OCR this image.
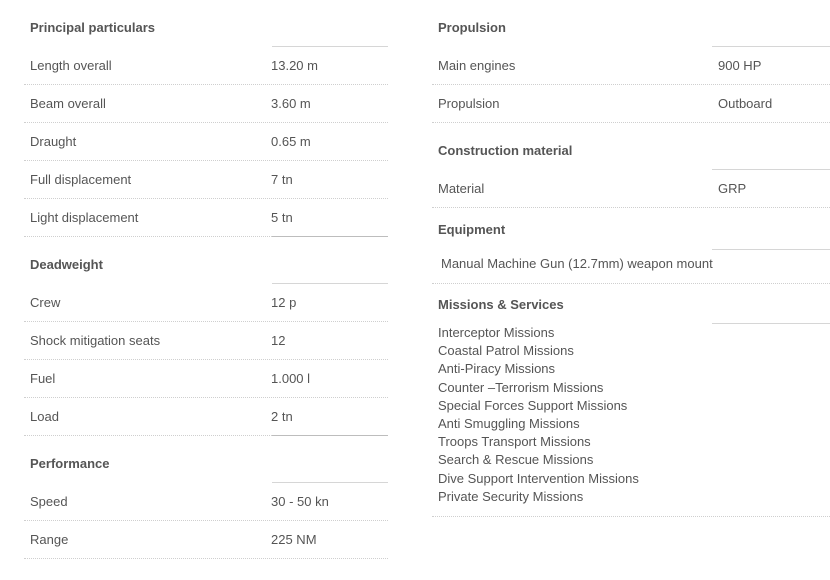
Principal particulars
Length overall	13.20 m
Beam overall	3.60 m
Draught	0.65 m
Full displacement	7 tn
Light displacement	5 tn
Deadweight
Crew	12 p
Shock mitigation seats	12
Fuel	1.000 l
Load	2 tn
Performance
Speed	30 - 50 kn
Range	225 NM
Propulsion
Main engines	900 HP
Propulsion	Outboard
Construction material
Material	GRP
Equipment
Manual Machine Gun (12.7mm) weapon mount
Missions & Services
Interceptor Missions
Coastal Patrol Missions
Anti-Piracy Missions
Counter –Terrorism Missions
Special Forces Support Missions
Anti Smuggling Missions
Troops Transport Missions
Search & Rescue Missions
Dive Support Intervention Missions
Private Security Missions
